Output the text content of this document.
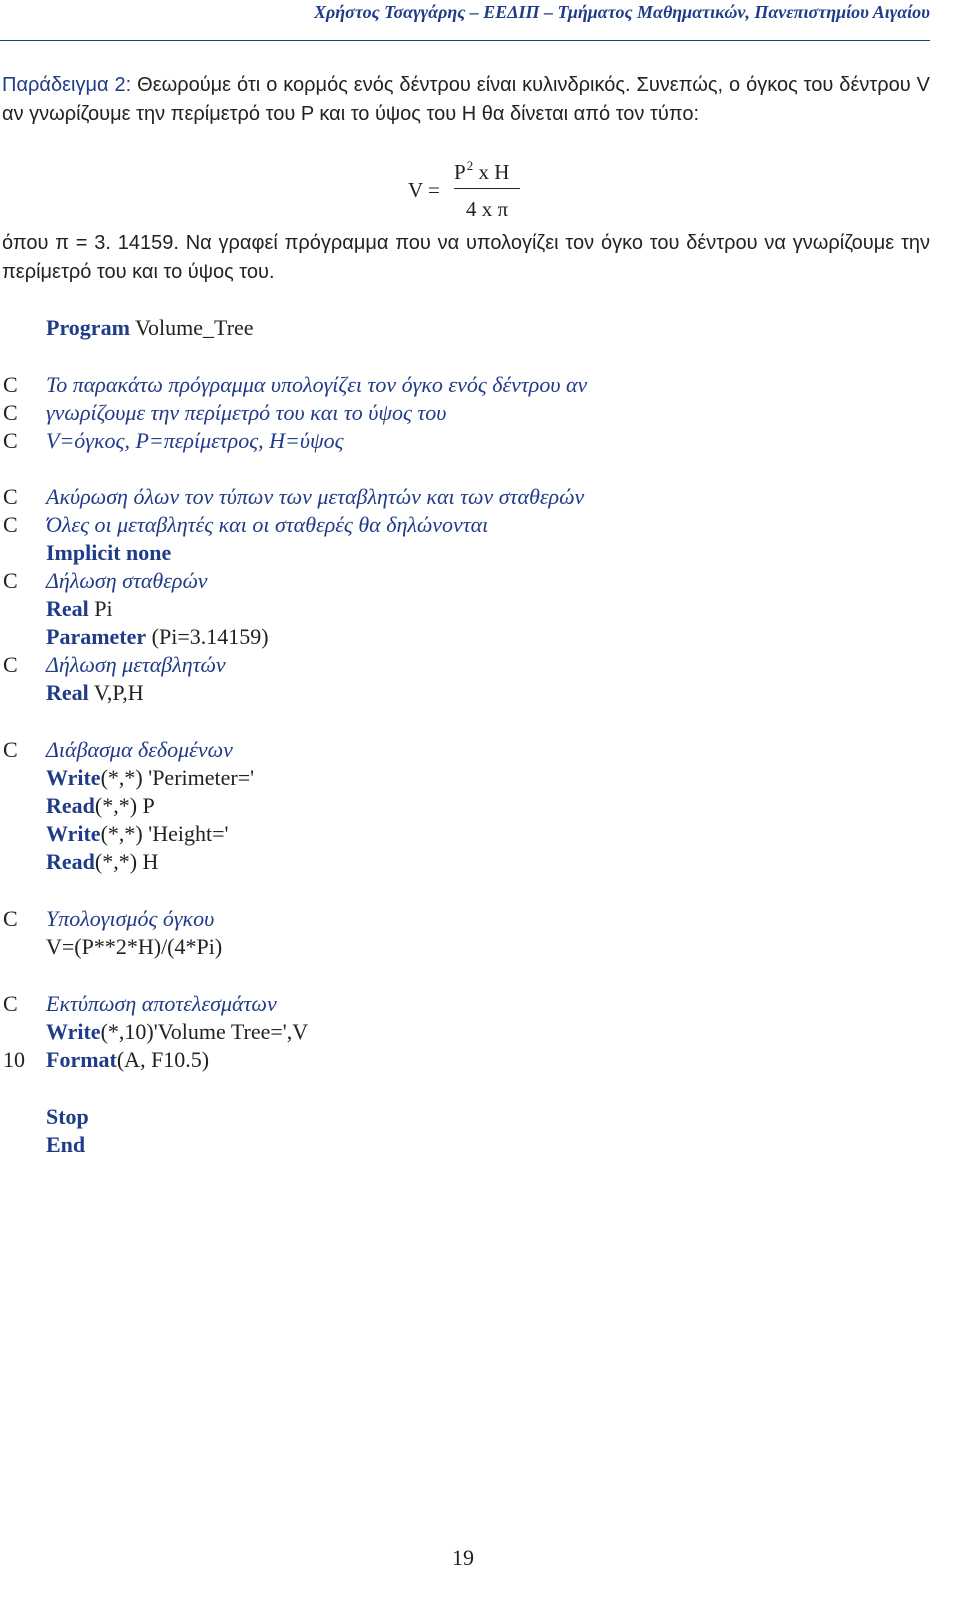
Χρήστος Τσαγγάρης – ΕΕΔΙΠ – Τμήματος Μαθηματικών, Πανεπιστημίου Αιγαίου

Παράδειγμα 2: Θεωρούμε ότι ο κορμός ενός δέντρου είναι κυλινδρικός. Συνεπώς, ο όγκος του δέντρου V αν γνωρίζουμε την περίμετρό του P και το ύψος του H θα δίνεται από τον τύπο:

V =
$P^2$ x H
4 x π

όπου π = 3. 14159. Να γραφεί πρόγραμμα που να υπολογίζει τον όγκο του δέντρου να γνωρίζουμε την περίμετρό του και το ύψος του.

Program Volume_Tree
C Το παρακάτω πρόγραμμα υπολογίζει τον όγκο ενός δέντρου αν
C γνωρίζουμε την περίμετρό του και το ύψος του
C V=όγκος, P=περίμετρος, H=ύψος
C Ακύρωση όλων τον τύπων των μεταβλητών και των σταθερών
C Όλες οι μεταβλητές και οι σταθερές θα δηλώνονται
Implicit none
C Δήλωση σταθερών
Real Pi
Parameter (Pi=3.14159)
C Δήλωση μεταβλητών
Real V,P,H
C Διάβασμα δεδομένων
Write(*,*) 'Perimeter='
Read(*,*) P
Write(*,*) 'Height='
Read(*,*) H
C Υπολογισμός όγκου
V=(P**2*H)/(4*Pi)
C Εκτύπωση αποτελεσμάτων
Write(*,10)'Volume Tree=',V
10 Format(A, F10.5)
Stop
End
19
